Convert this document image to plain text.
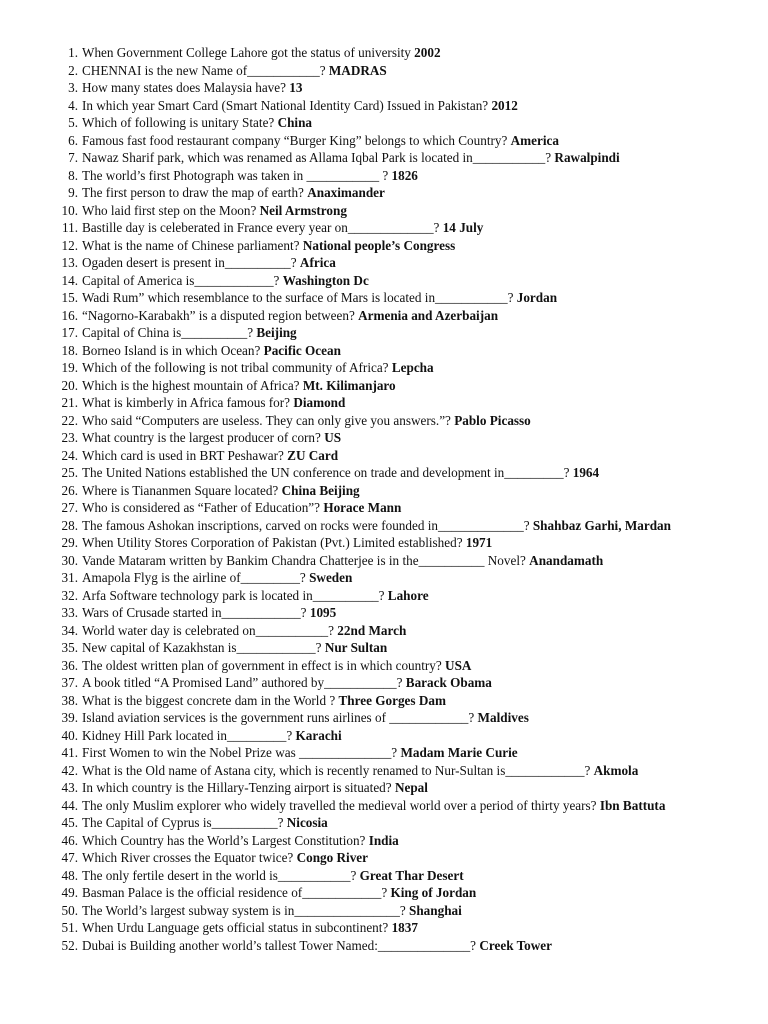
1. When Government College Lahore got the status of university 2002
2. CHENNAI is the new Name of___________? MADRAS
3. How many states does Malaysia have? 13
4. In which year Smart Card (Smart National Identity Card) Issued in Pakistan? 2012
5. Which of following is unitary State? China
6. Famous fast food restaurant company “Burger King” belongs to which Country? America
7. Nawaz Sharif park, which was renamed as Allama Iqbal Park is located in___________? Rawalpindi
8. The world’s first Photograph was taken in ___________ ? 1826
9. The first person to draw the map of earth? Anaximander
10. Who laid first step on the Moon? Neil Armstrong
11. Bastille day is celeberated in France every year on_____________? 14 July
12. What is the name of Chinese parliament? National people’s Congress
13. Ogaden desert is present in__________? Africa
14. Capital of America is____________? Washington Dc
15. Wadi Rum” which resemblance to the surface of Mars is located in___________? Jordan
16. “Nagorno-Karabakh” is a disputed region between? Armenia and Azerbaijan
17. Capital of China is__________? Beijing
18. Borneo Island is in which Ocean? Pacific Ocean
19. Which of the following is not tribal community of Africa? Lepcha
20. Which is the highest mountain of Africa? Mt. Kilimanjaro
21. What is kimberly in Africa famous for? Diamond
22. Who said “Computers are useless. They can only give you answers.”? Pablo Picasso
23. What country is the largest producer of corn? US
24. Which card is used in BRT Peshawar? ZU Card
25. The United Nations established the UN conference on trade and development in_________? 1964
26. Where is Tiananmen Square located? China Beijing
27. Who is considered as “Father of Education”? Horace Mann
28. The famous Ashokan inscriptions, carved on rocks were founded in_____________? Shahbaz Garhi, Mardan
29. When Utility Stores Corporation of Pakistan (Pvt.) Limited established? 1971
30. Vande Mataram written by Bankim Chandra Chatterjee is in the__________ Novel? Anandamath
31. Amapola Flyg is the airline of_________? Sweden
32. Arfa Software technology park is located in__________? Lahore
33. Wars of Crusade started in____________? 1095
34. World water day is celebrated on___________? 22nd March
35. New capital of Kazakhstan is____________? Nur Sultan
36. The oldest written plan of government in effect is in which country? USA
37. A book titled “A Promised Land” authored by___________? Barack Obama
38. What is the biggest concrete dam in the World ? Three Gorges Dam
39. Island aviation services is the government runs airlines of ____________? Maldives
40. Kidney Hill Park located in_________? Karachi
41. First Women to win the Nobel Prize was ______________? Madam Marie Curie
42. What is the Old name of Astana city, which is recently renamed to Nur-Sultan is____________? Akmola
43. In which country is the Hillary-Tenzing airport is situated? Nepal
44. The only Muslim explorer who widely travelled the medieval world over a period of thirty years? Ibn Battuta
45. The Capital of Cyprus is__________? Nicosia
46. Which Country has the World’s Largest Constitution? India
47. Which River crosses the Equator twice? Congo River
48. The only fertile desert in the world is___________? Great Thar Desert
49. Basman Palace is the official residence of____________? King of Jordan
50. The World’s largest subway system is in________________? Shanghai
51. When Urdu Language gets official status in subcontinent? 1837
52. Dubai is Building another world’s tallest Tower Named:______________? Creek Tower
